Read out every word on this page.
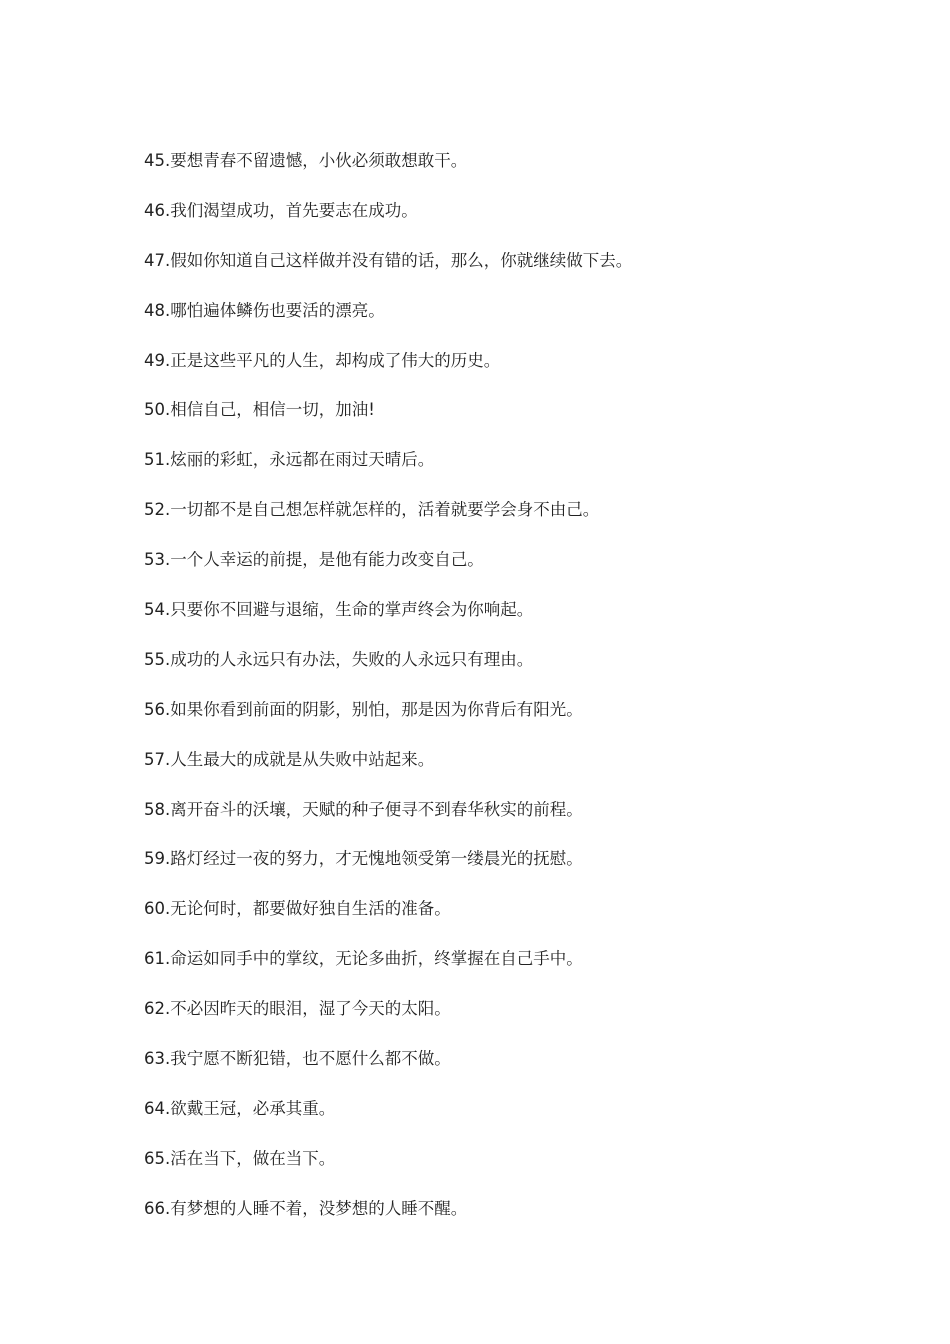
45.要想青春不留遗憾，小伙必须敢想敢干。
46.我们渴望成功，首先要志在成功。
47.假如你知道自己这样做并没有错的话，那么，你就继续做下去。
48.哪怕遍体鳞伤也要活的漂亮。
49.正是这些平凡的人生，却构成了伟大的历史。
50.相信自己，相信一切，加油!
51.炫丽的彩虹，永远都在雨过天晴后。
52.一切都不是自己想怎样就怎样的，活着就要学会身不由己。
53.一个人幸运的前提，是他有能力改变自己。
54.只要你不回避与退缩，生命的掌声终会为你响起。
55.成功的人永远只有办法，失败的人永远只有理由。
56.如果你看到前面的阴影，别怕，那是因为你背后有阳光。
57.人生最大的成就是从失败中站起来。
58.离开奋斗的沃壤，天赋的种子便寻不到春华秋实的前程。
59.路灯经过一夜的努力，才无愧地领受第一缕晨光的抚慰。
60.无论何时，都要做好独自生活的准备。
61.命运如同手中的掌纹，无论多曲折，终掌握在自己手中。
62.不必因昨天的眼泪，湿了今天的太阳。
63.我宁愿不断犯错，也不愿什么都不做。
64.欲戴王冠，必承其重。
65.活在当下，做在当下。
66.有梦想的人睡不着，没梦想的人睡不醒。
